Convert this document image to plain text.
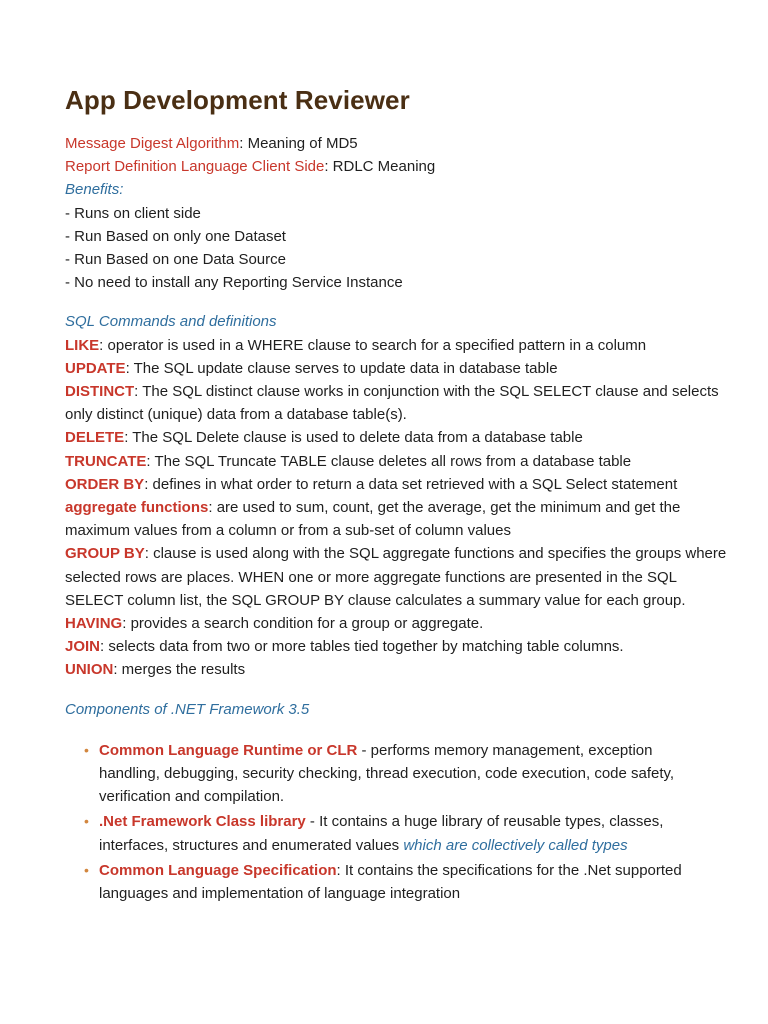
App Development Reviewer
Message Digest Algorithm: Meaning of MD5
Report Definition Language Client Side: RDLC Meaning
Benefits:
- Runs on client side
- Run Based on only one Dataset
- Run Based on one Data Source
- No need to install any Reporting Service Instance
SQL Commands and definitions
LIKE: operator is used in a WHERE clause to search for a specified pattern in a column
UPDATE: The SQL update clause serves to update data in database table
DISTINCT: The SQL distinct clause works in conjunction with the SQL SELECT clause and selects only distinct (unique) data from a database table(s).
DELETE: The SQL Delete clause is used to delete data from a database table
TRUNCATE: The SQL Truncate TABLE clause deletes all rows from a database table
ORDER BY: defines in what order to return a data set retrieved with a SQL Select statement
aggregate functions: are used to sum, count, get the average, get the minimum and get the maximum values from a column or from a sub-set of column values
GROUP BY: clause is used along with the SQL aggregate functions and specifies the groups where selected rows are places. WHEN one or more aggregate functions are presented in the SQL SELECT column list, the SQL GROUP BY clause calculates a summary value for each group.
HAVING: provides a search condition for a group or aggregate.
JOIN: selects data from two or more tables tied together by matching table columns.
UNION: merges the results
Components of .NET Framework 3.5
• Common Language Runtime or CLR - performs memory management, exception handling, debugging, security checking, thread execution, code execution, code safety, verification and compilation.
• .Net Framework Class library - It contains a huge library of reusable types, classes, interfaces, structures and enumerated values which are collectively called types
• Common Language Specification: It contains the specifications for the .Net supported languages and implementation of language integration
